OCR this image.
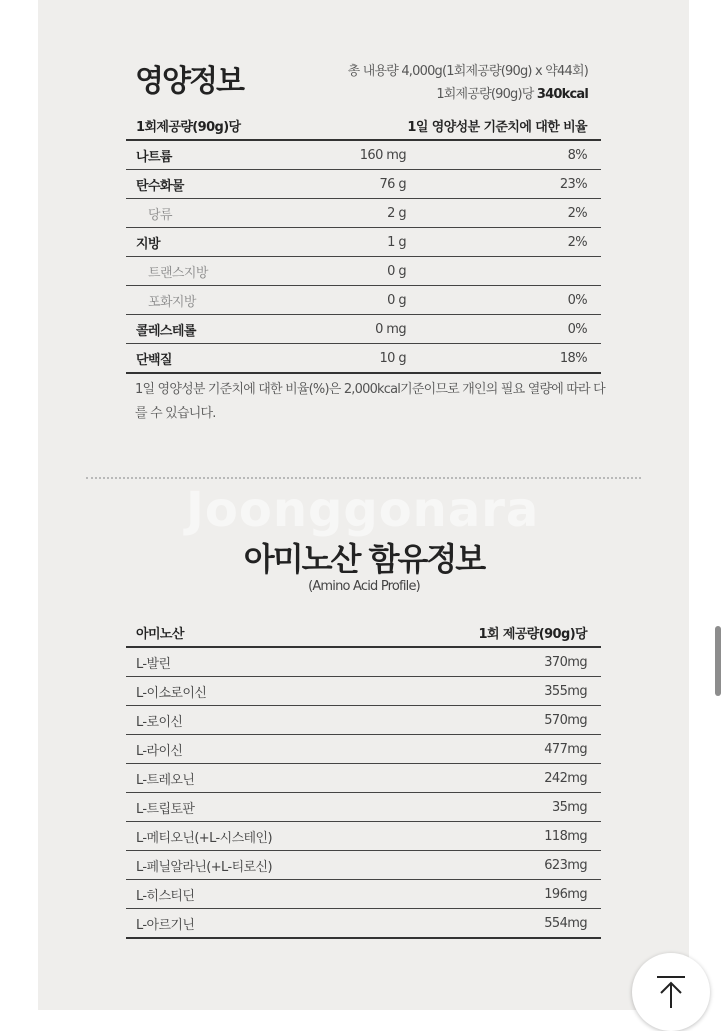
영양정보	총 내용량 4,000g(1회제공량(90g) x 약44회)
1회제공량(90g)당 340kcal
1회제공량(90g)당		1일 영양성분 기준치에 대한 비율
나트륨	160 mg	8%
탄수화물	76 g	23%
당류	2 g	2%
지방	1 g	2%
트랜스지방	0 g	
포화지방	0 g	0%
콜레스테롤	0 mg	0%
단백질	10 g	18%
1일 영양성분 기준치에 대한 비율(%)은 2,000kcal기준이므로 개인의 필요 열량에 따라 다를 수 있습니다.
Joonggonara
아미노산 함유정보
(Amino Acid Profile)
아미노산	1회 제공량(90g)당
L-발린	370mg
L-이소로이신	355mg
L-로이신	570mg
L-라이신	477mg
L-트레오닌	242mg
L-트립토판	35mg
L-메티오닌(+L-시스테인)	118mg
L-페닐알라닌(+L-티로신)	623mg
L-히스티딘	196mg
L-아르기닌	554mg
